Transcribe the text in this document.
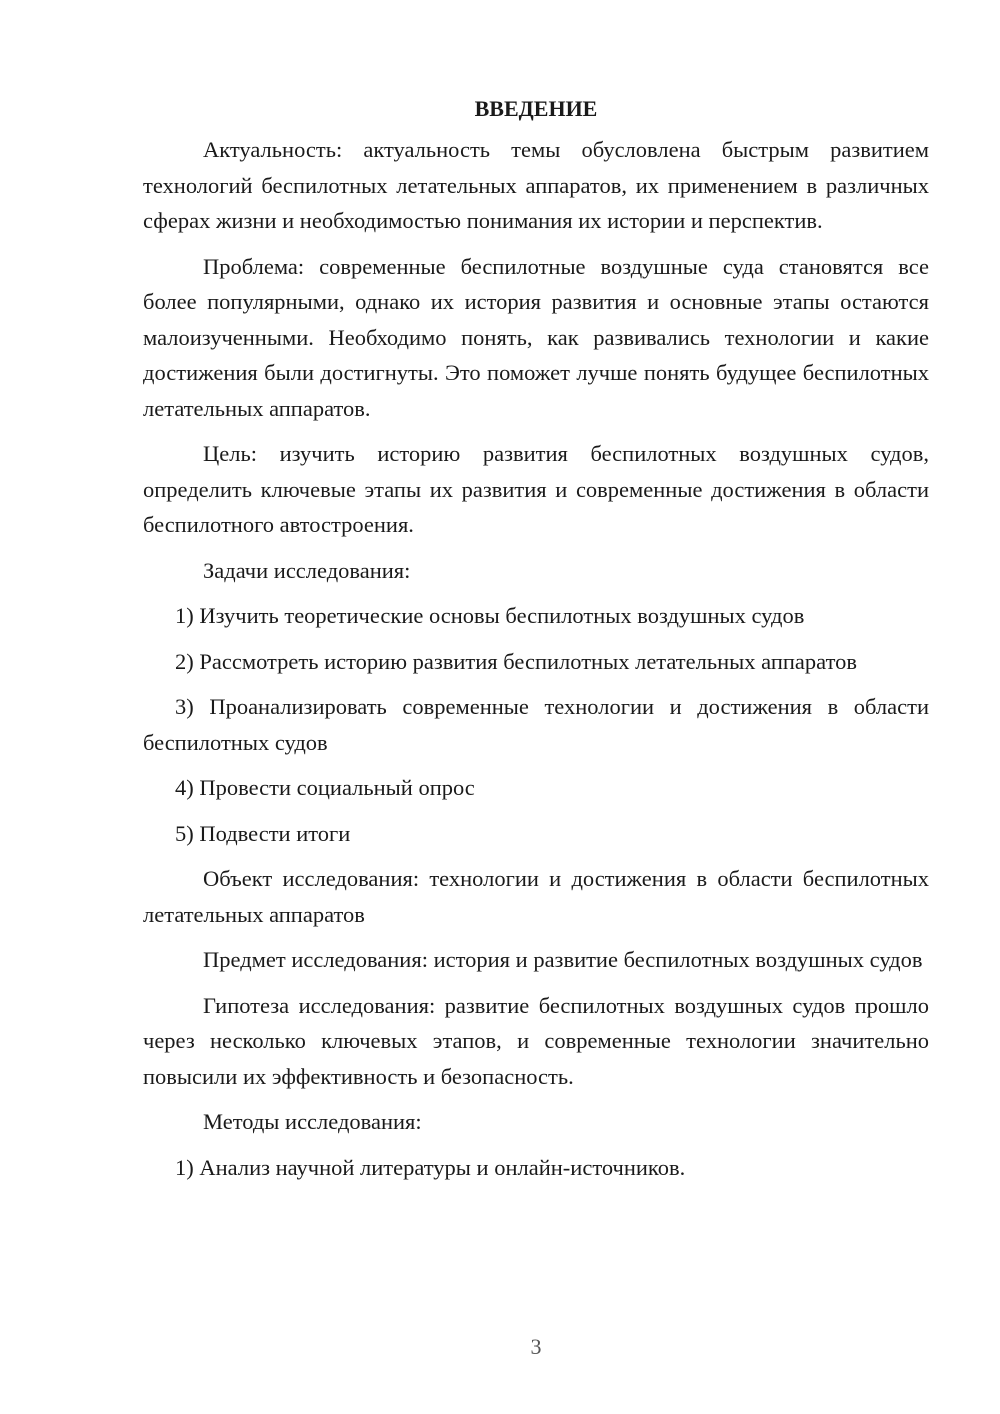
ВВЕДЕНИЕ

Актуальность: актуальность темы обусловлена быстрым развитием технологий беспилотных летательных аппаратов, их применением в различных сферах жизни и необходимостью понимания их истории и перспектив.

Проблема: современные беспилотные воздушные суда становятся все более популярными, однако их история развития и основные этапы остаются малоизученными. Необходимо понять, как развивались технологии и какие достижения были достигнуты. Это поможет лучше понять будущее беспилотных летательных аппаратов.

Цель: изучить историю развития беспилотных воздушных судов, определить ключевые этапы их развития и современные достижения в области беспилотного автостроения.

Задачи исследования:

1) Изучить теоретические основы беспилотных воздушных судов

2) Рассмотреть историю развития беспилотных летательных аппаратов

3) Проанализировать современные технологии и достижения в области беспилотных судов

4) Провести социальный опрос

5) Подвести итоги

Объект исследования: технологии и достижения в области беспилотных летательных аппаратов

Предмет исследования: история и развитие беспилотных воздушных судов

Гипотеза исследования: развитие беспилотных воздушных судов прошло через несколько ключевых этапов, и современные технологии значительно повысили их эффективность и безопасность.

Методы исследования:

1) Анализ научной литературы и онлайн-источников.

3
